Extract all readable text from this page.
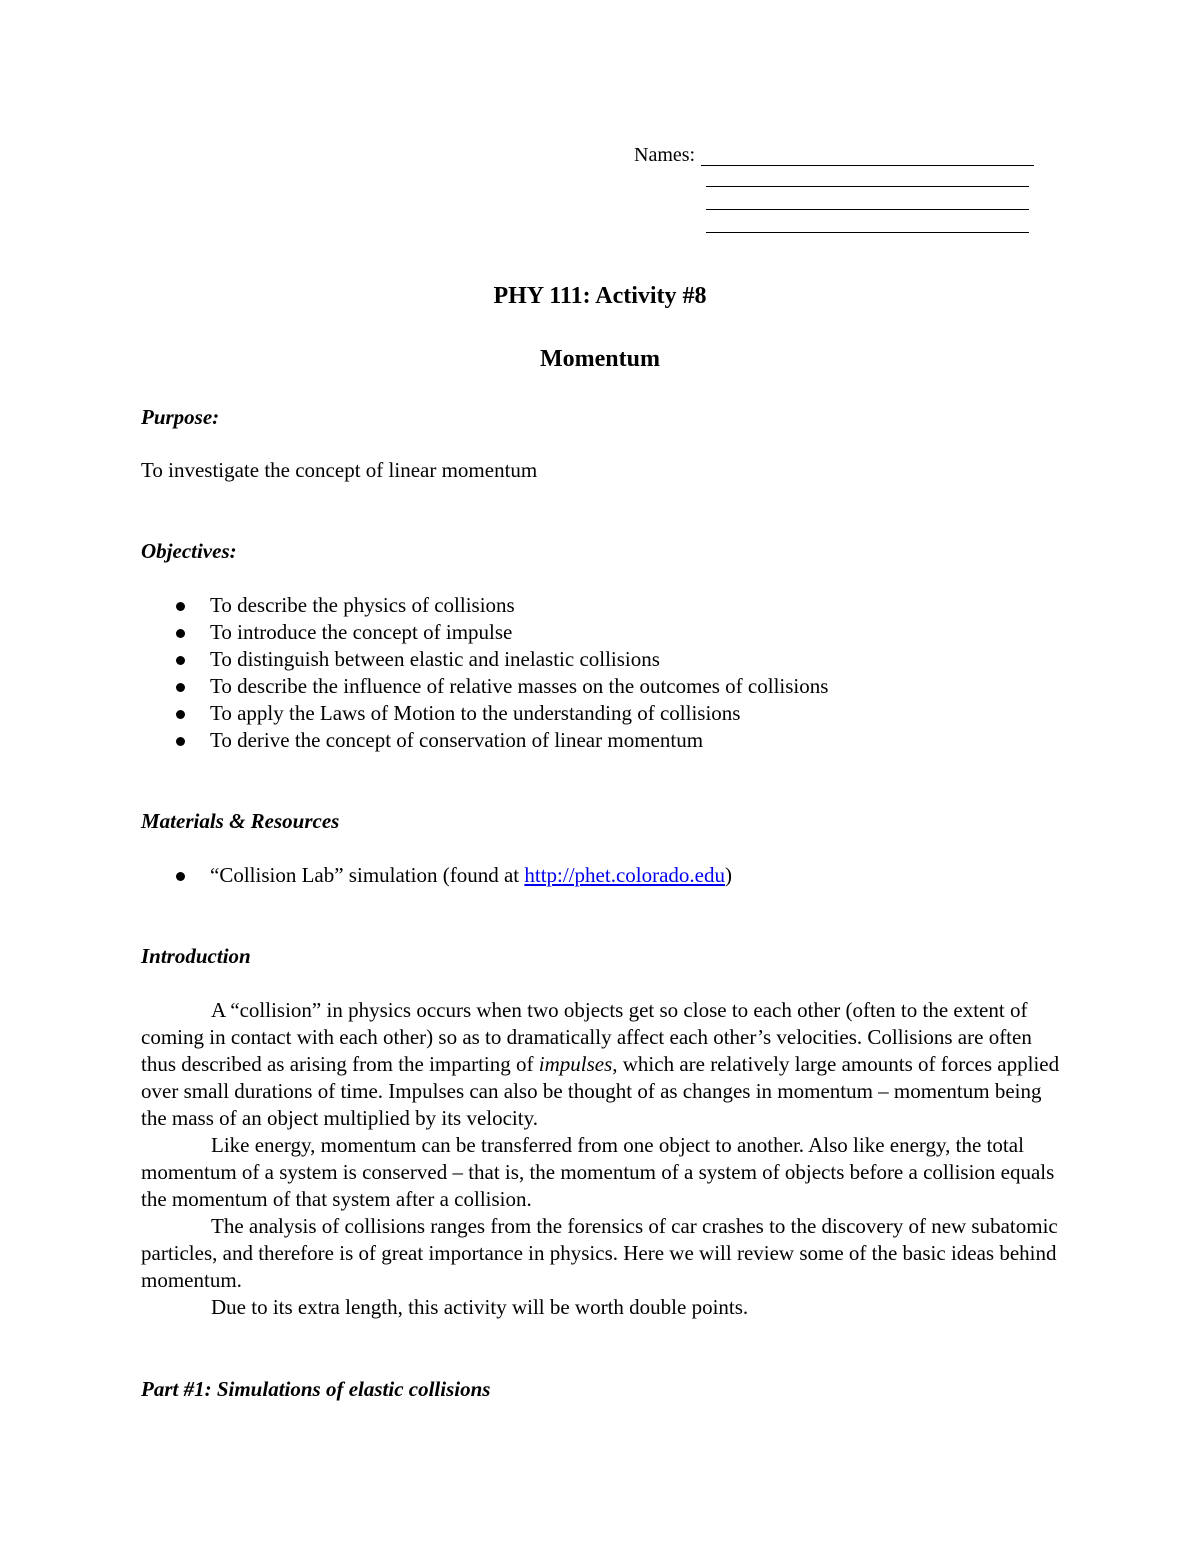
Names:
PHY 111: Activity #8
Momentum
Purpose:
To investigate the concept of linear momentum
Objectives:
To describe the physics of collisions
To introduce the concept of impulse
To distinguish between elastic and inelastic collisions
To describe the influence of relative masses on the outcomes of collisions
To apply the Laws of Motion to the understanding of collisions
To derive the concept of conservation of linear momentum
Materials & Resources
“Collision Lab” simulation (found at http://phet.colorado.edu)
Introduction

A “collision” in physics occurs when two objects get so close to each other (often to the extent of coming in contact with each other) so as to dramatically affect each other’s velocities. Collisions are often thus described as arising from the imparting of impulses, which are relatively large amounts of forces applied over small durations of time. Impulses can also be thought of as changes in momentum – momentum being the mass of an object multiplied by its velocity.

Like energy, momentum can be transferred from one object to another. Also like energy, the total momentum of a system is conserved – that is, the momentum of a system of objects before a collision equals the momentum of that system after a collision.

The analysis of collisions ranges from the forensics of car crashes to the discovery of new subatomic particles, and therefore is of great importance in physics. Here we will review some of the basic ideas behind momentum.

Due to its extra length, this activity will be worth double points.

Part #1: Simulations of elastic collisions
